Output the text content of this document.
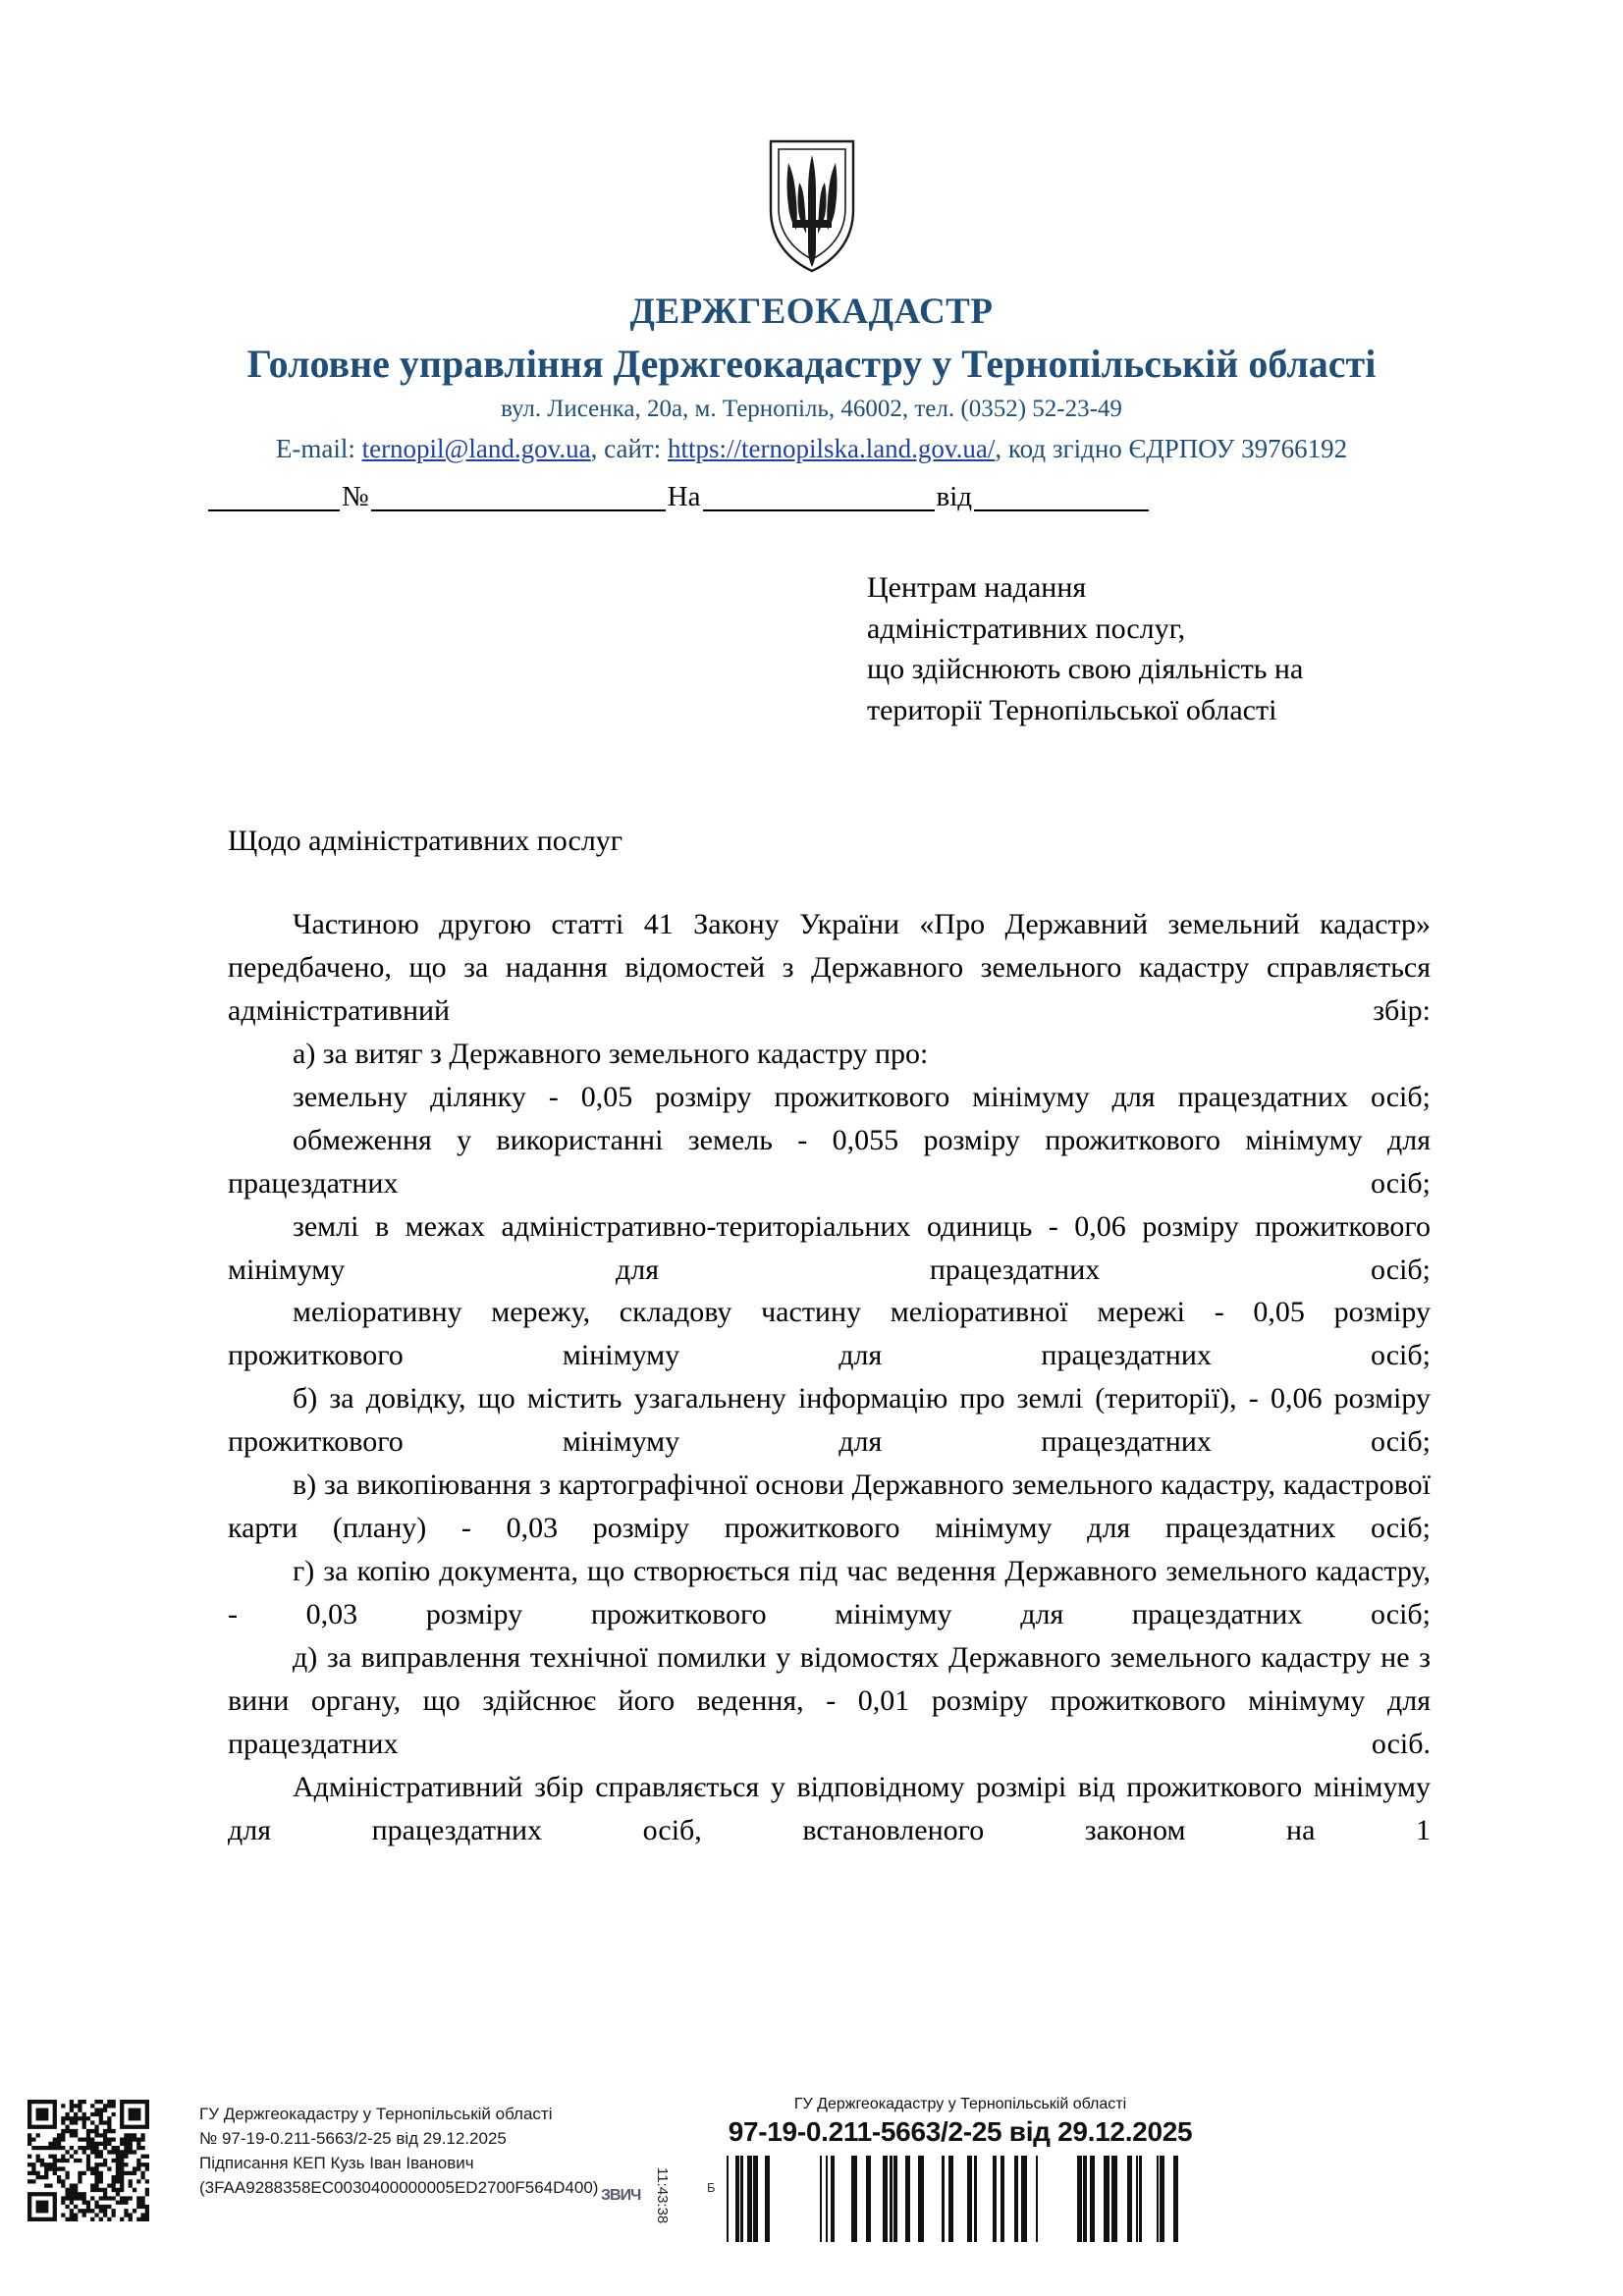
ДЕРЖГЕОКАДАСТР
Головне управління Держгеокадастру у Тернопільській області
вул. Лисенка, 20а, м. Тернопіль, 46002, тел. (0352) 52-23-49
E-mail: ternopil@land.gov.ua, сайт: https://ternopilska.land.gov.ua/, код згідно ЄДРПОУ 39766192
№	На	від
Центрам надання
адміністративних послуг,
що здійснюють свою діяльність на
території Тернопільської області
Щодо адміністративних послуг

Частиною другою статті 41 Закону України «Про Державний земельний кадастр» передбачено, що за надання відомостей з Державного земельного кадастру справляється адміністративний збір:

а) за витяг з Державного земельного кадастру про:

земельну ділянку - 0,05 розміру прожиткового мінімуму для працездатних осіб;

обмеження у використанні земель - 0,055 розміру прожиткового мінімуму для працездатних осіб;

землі в межах адміністративно-територіальних одиниць - 0,06 розміру прожиткового мінімуму для працездатних осіб;

меліоративну мережу, складову частину меліоративної мережі - 0,05 розміру прожиткового мінімуму для працездатних осіб;

б) за довідку, що містить узагальнену інформацію про землі (території), - 0,06 розміру прожиткового мінімуму для працездатних осіб;

в) за викопіювання з картографічної основи Державного земельного кадастру, кадастрової карти (плану) - 0,03 розміру прожиткового мінімуму для працездатних осіб;

г) за копію документа, що створюється під час ведення Державного земельного кадастру, - 0,03 розміру прожиткового мінімуму для працездатних осіб;

д) за виправлення технічної помилки у відомостях Державного земельного кадастру не з вини органу, що здійснює його ведення, - 0,01 розміру прожиткового мінімуму для працездатних осіб.

Адміністративний збір справляється у відповідному розмірі від прожиткового мінімуму для працездатних осіб, встановленого законом на 1

ГУ Держгеокадастру у Тернопільській області
№ 97-19-0.211-5663/2-25 від 29.12.2025
Підписання КЕП Кузь Іван Іванович
(3FAA9288358EC0030400000005ED2700F564D400) ЗВИЧ 11:43:38
ГУ Держгеокадастру у Тернопільській області
97-19-0.211-5663/2-25 від 29.12.2025
Б
